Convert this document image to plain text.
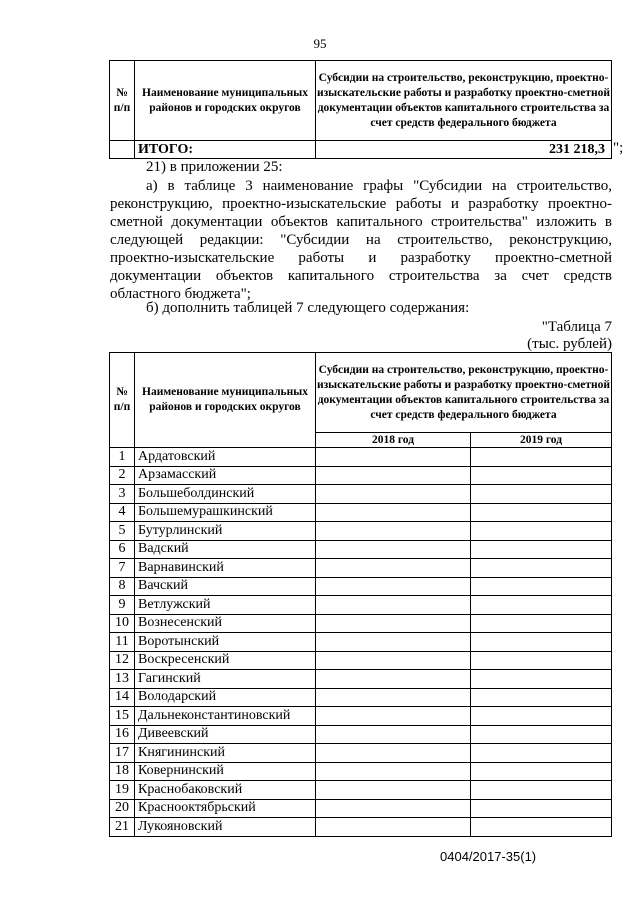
95
№ п/п	Наименование муниципальных районов и городских округов	Субсидии на строительство, реконструкцию, проектно-изыскательские работы и разработку проектно-сметной документации объектов капитального строительства за счет средств федерального бюджета
	ИТОГО:	231 218,3 ";

21) в приложении 25:

а) в таблице 3 наименование графы "Субсидии на строительство, реконструкцию, проектно-изыскательские работы и разработку проектно-сметной документации объектов капитального строительства" изложить в следующей редакции: "Субсидии на строительство, реконструкцию, проектно-изыскательские работы и разработку проектно-сметной документации объектов капитального строительства за счет средств областного бюджета";

б) дополнить таблицей 7 следующего содержания:

"Таблица 7

(тыс. рублей)

№ п/п	Наименование муниципальных районов и городских округов	Субсидии на строительство, реконструкцию, проектно-изыскательские работы и разработку проектно-сметной документации объектов капитального строительства за счет средств федерального бюджета	
		2018 год	2019 год
1	Ардатовский		
2	Арзамасский		
3	Большеболдинский		
4	Большемурашкинский		
5	Бутурлинский		
6	Вадский		
7	Варнавинский		
8	Вачский		
9	Ветлужский		
10	Вознесенский		
11	Воротынский		
12	Воскресенский		
13	Гагинский		
14	Володарский		
15	Дальнеконстантиновский		
16	Дивеевский		
17	Княгининский		
18	Ковернинский		
19	Краснобаковский		
20	Краснооктябрьский		
21	Лукояновский		
0404/2017-35(1)
